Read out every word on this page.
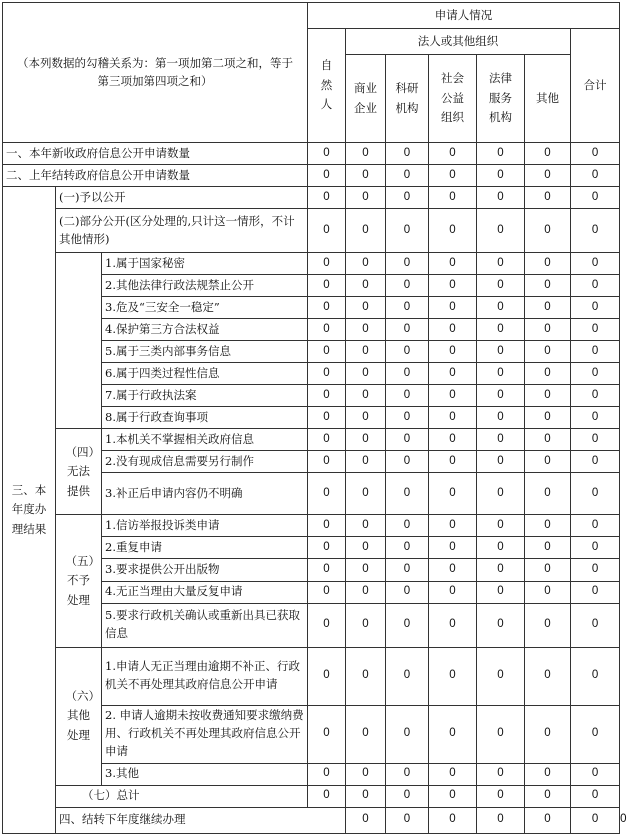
（本列数据的勾稽关系为：第一项加第二项之和，等于第三项加第四项之和）			申请人情况							

			自然人	法人或其他组织					合计	

				商业企业	科研机构	社会公益组织	法律服务机构	其他		
一、本年新收政府信息公开申请数量			0	0	0	0	0	0	0	
二、上年结转政府信息公开申请数量			0	0	0	0	0	0	0	

三、本年度办理结果	(一)予以公开		0	0	0	0	0	0	0	
	(二)部分公开(区分处理的,只计这一情形，不计其他情形)		0	0	0	0	0	0	0	

	1.属于国家秘密	0	0	0	0	0	0	0	
		2.其他法律行政法规禁止公开	0	0	0	0	0	0	0	
		3.危及“三安全一稳定”	0	0	0	0	0	0	0	
		4.保护第三方合法权益	0	0	0	0	0	0	0	
		5.属于三类内部事务信息	0	0	0	0	0	0	0	
		6.属于四类过程性信息	0	0	0	0	0	0	0	
		7.属于行政执法案	0	0	0	0	0	0	0	
		8.属于行政查询事项	0	0	0	0	0	0	0	

	（四）无法提供	1.本机关不掌握相关政府信息	0	0	0	0	0	0	0	
		2.没有现成信息需要另行制作	0	0	0	0	0	0	0	
		3.补正后申请内容仍不明确	0	0	0	0	0	0	0	

	（五）不予处理	1.信访举报投诉类申请	0	0	0	0	0	0	0	
		2.重复申请	0	0	0	0	0	0	0	
		3.要求提供公开出版物	0	0	0	0	0	0	0	
		4.无正当理由大量反复申请	0	0	0	0	0	0	0	
		5.要求行政机关确认或重新出具已获取信息	0	0	0	0	0	0	0	

	（六）其他处理	1.申请人无正当理由逾期不补正、行政机关不再处理其政府信息公开申请	0	0	0	0	0	0	0	
		2. 申请人逾期未按收费通知要求缴纳费用、行政机关不再处理其政府信息公开申请	0	0	0	0	0	0	0	
		3.其他	0	0	0	0	0	0	0	
	（七）总计		0	0	0	0	0	0	0	
	四、结转下年度继续办理			0	0	0	0	0	0	0
